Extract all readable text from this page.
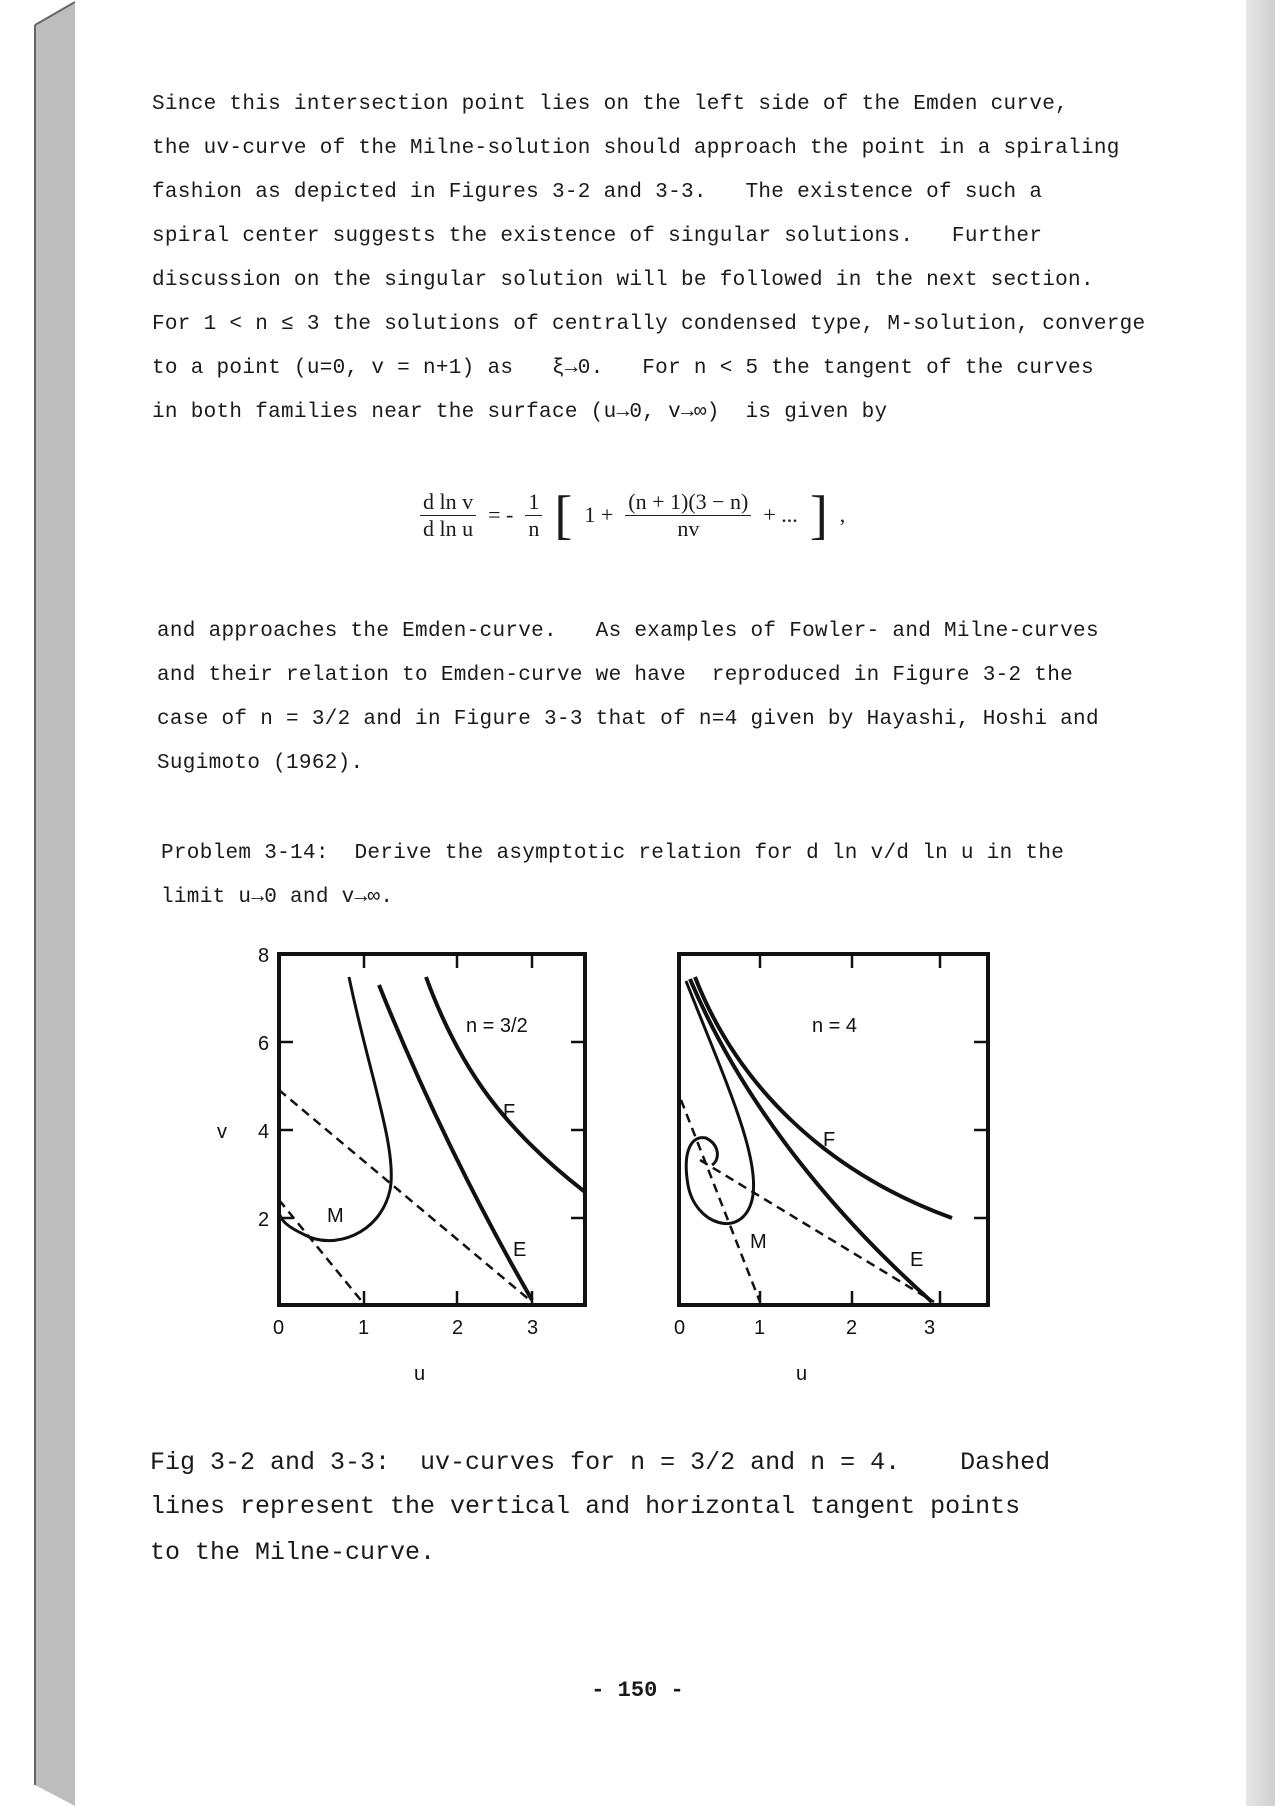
Since this intersection point lies on the left side of the Emden curve,
the uv-curve of the Milne-solution should approach the point in a spiraling
fashion as depicted in Figures 3-2 and 3-3.   The existence of such a
spiral center suggests the existence of singular solutions.   Further
discussion on the singular solution will be followed in the next section.
For 1 < n ≤ 3 the solutions of centrally condensed type, M-solution, converge
to a point (u=0, v = n+1) as   ξ→0.   For n < 5 the tangent of the curves
in both families near the surface (u→0, v→∞)  is given by
$\frac{\text{d ln v}}{\text{d ln u}}$ = - $\frac{1}{n}$ [ $1 + \frac{(n + 1)(3 - n)}{nv}$ + ... ] ,
and approaches the Emden-curve.   As examples of Fowler- and Milne-curves
and their relation to Emden-curve we have  reproduced in Figure 3-2 the
case of n = 3/2 and in Figure 3-3 that of n=4 given by Hayashi, Hoshi and
Sugimoto (1962).
Problem 3-14:  Derive the asymptotic relation for d ln v/d ln u in the
limit u→0 and v→∞.
8
6
4
2
v
0	1	2	3
u
n = 3/2
M
E
F
0	1	2	3
u
n = 4
M
E
F
Fig 3-2 and 3-3:  uv-curves for n = 3/2 and n = 4.    Dashed
lines represent the vertical and horizontal tangent points
to the Milne-curve.
- 150 -
